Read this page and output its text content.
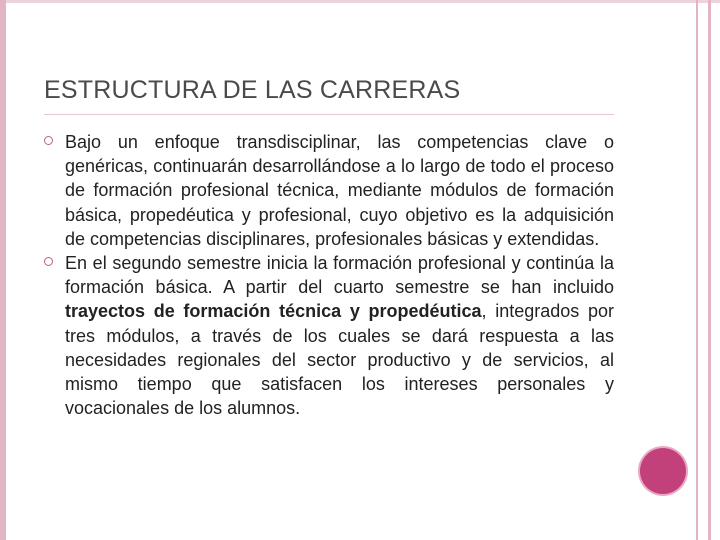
ESTRUCTURA DE LAS CARRERAS
Bajo un enfoque transdisciplinar, las competencias clave o genéricas, continuarán desarrollándose a lo largo de todo el proceso de formación profesional técnica, mediante módulos de formación básica, propedéutica y profesional, cuyo objetivo es la adquisición de competencias disciplinares, profesionales básicas y extendidas.
En el segundo semestre inicia la formación profesional y continúa la formación básica. A partir del cuarto semestre se han incluido trayectos de formación técnica y propedéutica, integrados por tres módulos, a través de los cuales se dará respuesta a las necesidades regionales del sector productivo y de servicios, al mismo tiempo que satisfacen los intereses personales y vocacionales de los alumnos.
